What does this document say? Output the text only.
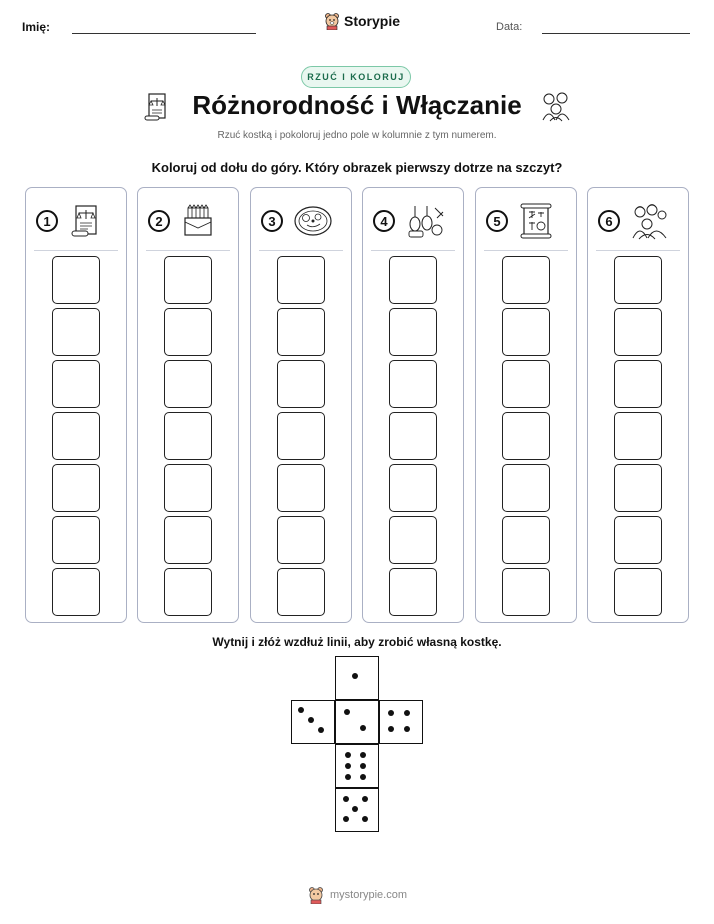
Imię:	Storypie	Data:
RZUĆ I KOLORUJ
Różnorodność i Włączanie
Rzuć kostką i pokoloruj jedno pole w kolumnie z tym numerem.
Koloruj od dołu do góry. Który obrazek pierwszy dotrze na szczyt?
1	2	3	4	5	6
Wytnij i złóż wzdłuż linii, aby zrobić własną kostkę.
mystorypie.com
